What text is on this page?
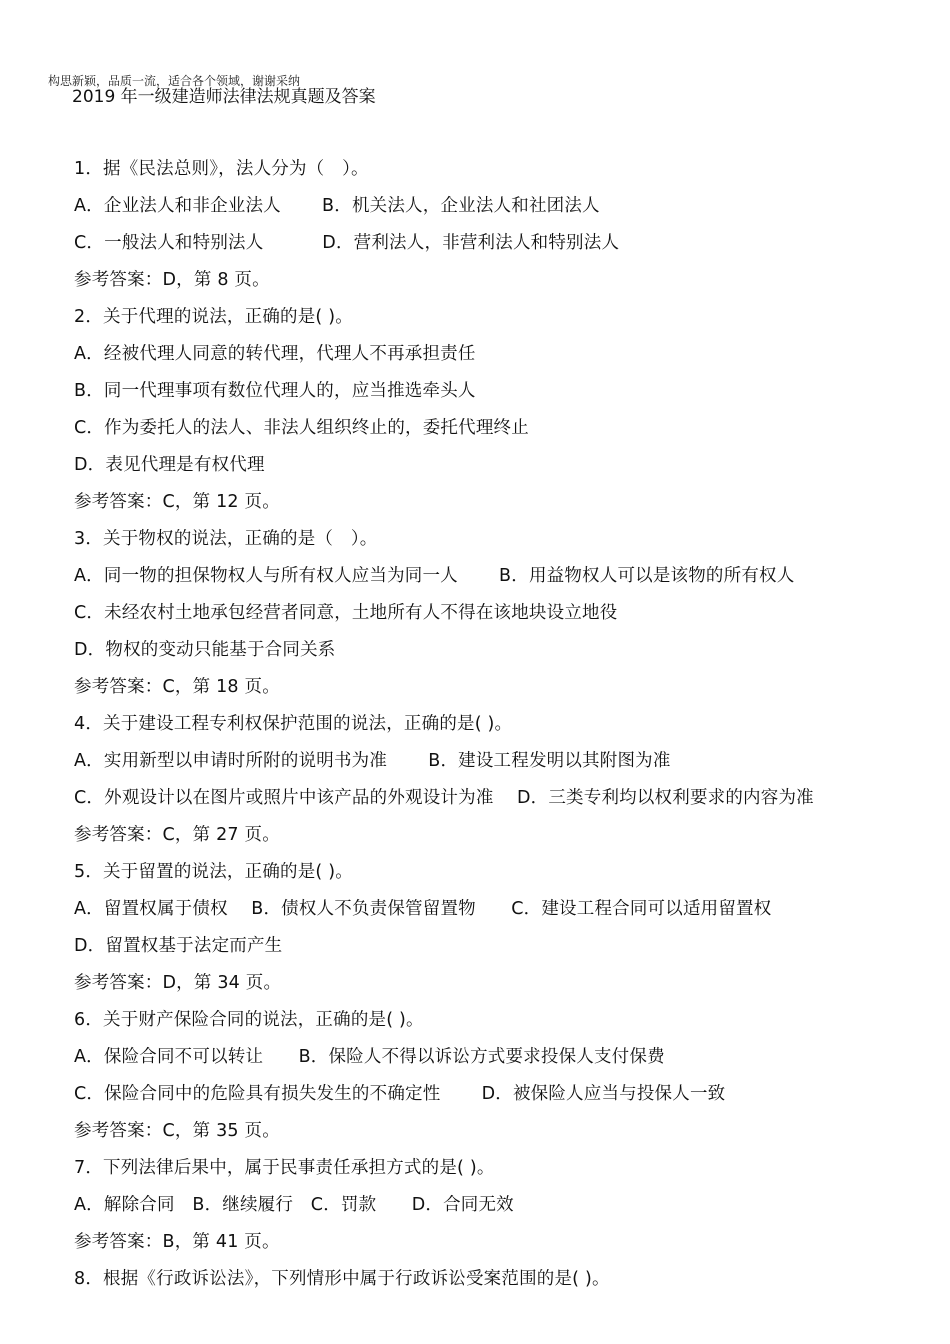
构思新颖，品质一流，适合各个领域，谢谢采纳
2019 年一级建造师法律法规真题及答案
1．据《民法总则》，法人分为（　）。
A．企业法人和非企业法人　　 B．机关法人，企业法人和社团法人
C．一般法人和特别法人　　　 D．营利法人，非营利法人和特别法人
参考答案：D，第 8 页。
2．关于代理的说法，正确的是( )。
A．经被代理人同意的转代理，代理人不再承担责任
B．同一代理事项有数位代理人的，应当推选牵头人
C．作为委托人的法人、非法人组织终止的，委托代理终止
D．表见代理是有权代理
参考答案：C，第 12 页。
3．关于物权的说法，正确的是（　）。
A．同一物的担保物权人与所有权人应当为同一人　　 B．用益物权人可以是该物的所有权人
C．未经农村土地承包经营者同意，土地所有人不得在该地块设立地役
D．物权的变动只能基于合同关系
参考答案：C，第 18 页。
4．关于建设工程专利权保护范围的说法，正确的是( )。
A．实用新型以申请时所附的说明书为准　　 B．建设工程发明以其附图为准
C．外观设计以在图片或照片中该产品的外观设计为准　 D．三类专利均以权利要求的内容为准
参考答案：C，第 27 页。
5．关于留置的说法，正确的是( )。
A．留置权属于债权　 B．债权人不负责保管留置物　　C．建设工程合同可以适用留置权
D．留置权基于法定而产生
参考答案：D，第 34 页。
6．关于财产保险合同的说法，正确的是( )。
A．保险合同不可以转让　　B．保险人不得以诉讼方式要求投保人支付保费
C．保险合同中的危险具有损失发生的不确定性　　 D．被保险人应当与投保人一致
参考答案：C，第 35 页。
7．下列法律后果中，属于民事责任承担方式的是( )。
A．解除合同　B．继续履行　C．罚款　　D．合同无效
参考答案：B，第 41 页。
8．根据《行政诉讼法》，下列情形中属于行政诉讼受案范围的是( )。
